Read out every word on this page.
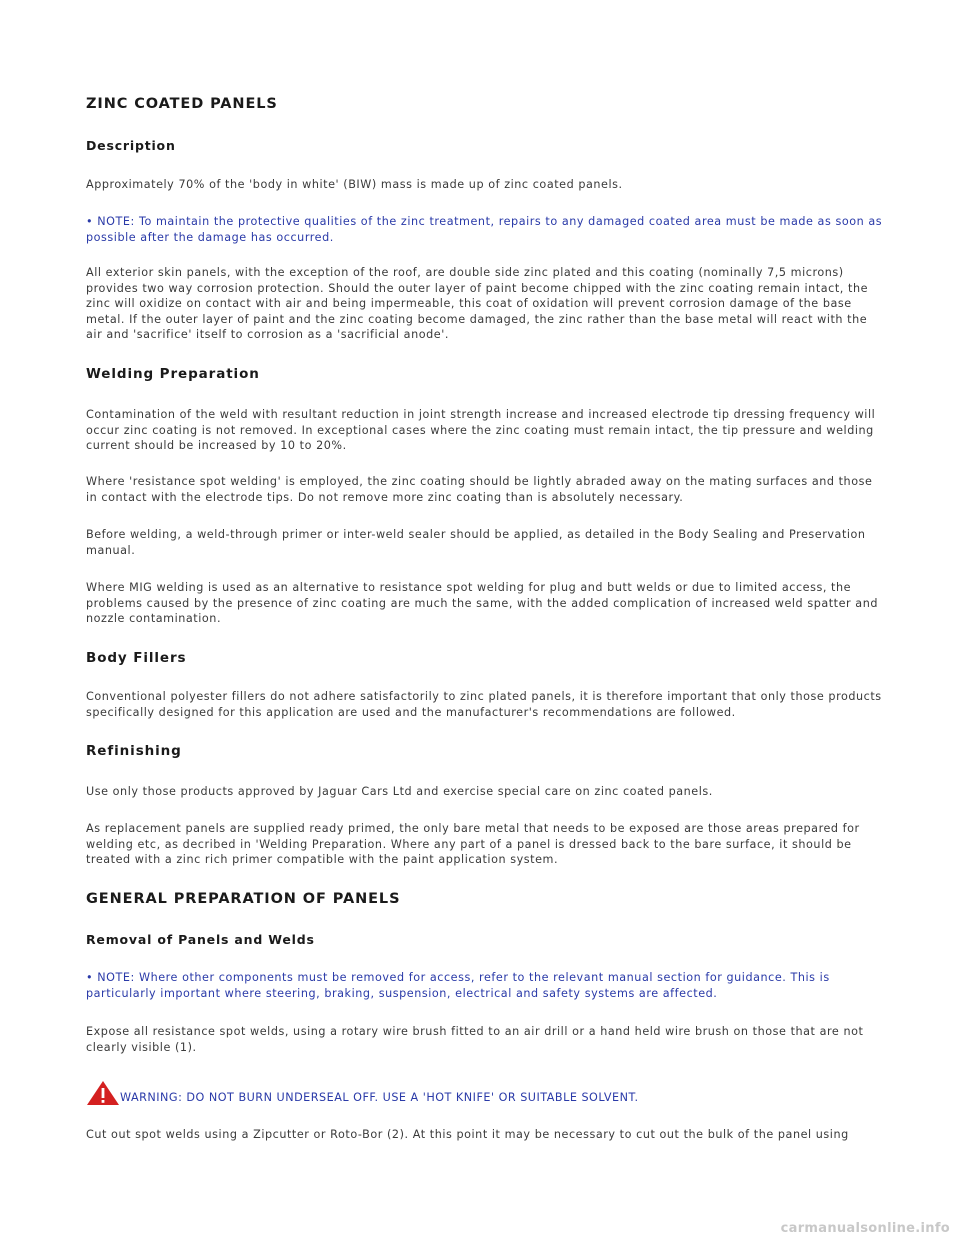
ZINC COATED PANELS
Description

Approximately 70% of the 'body in white' (BIW) mass is made up of zinc coated panels.

• NOTE: To maintain the protective qualities of the zinc treatment, repairs to any damaged coated area must be made as soon as possible after the damage has occurred.

All exterior skin panels, with the exception of the roof, are double side zinc plated and this coating (nominally 7,5 microns) provides two way corrosion protection. Should the outer layer of paint become chipped with the zinc coating remain intact, the zinc will oxidize on contact with air and being impermeable, this coat of oxidation will prevent corrosion damage of the base metal. If the outer layer of paint and the zinc coating become damaged, the zinc rather than the base metal will react with the air and 'sacrifice' itself to corrosion as a 'sacrificial anode'.

Welding Preparation

Contamination of the weld with resultant reduction in joint strength increase and increased electrode tip dressing frequency will occur zinc coating is not removed. In exceptional cases where the zinc coating must remain intact, the tip pressure and welding current should be increased by 10 to 20%.

Where 'resistance spot welding' is employed, the zinc coating should be lightly abraded away on the mating surfaces and those in contact with the electrode tips. Do not remove more zinc coating than is absolutely necessary.

Before welding, a weld-through primer or inter-weld sealer should be applied, as detailed in the Body Sealing and Preservation manual.

Where MIG welding is used as an alternative to resistance spot welding for plug and butt welds or due to limited access, the problems caused by the presence of zinc coating are much the same, with the added complication of increased weld spatter and nozzle contamination.

Body Fillers

Conventional polyester fillers do not adhere satisfactorily to zinc plated panels, it is therefore important that only those products specifically designed for this application are used and the manufacturer's recommendations are followed.

Refinishing

Use only those products approved by Jaguar Cars Ltd and exercise special care on zinc coated panels.

As replacement panels are supplied ready primed, the only bare metal that needs to be exposed are those areas prepared for welding etc, as decribed in 'Welding Preparation. Where any part of a panel is dressed back to the bare surface, it should be treated with a zinc rich primer compatible with the paint application system.

GENERAL PREPARATION OF PANELS
Removal of Panels and Welds

• NOTE: Where other components must be removed for access, refer to the relevant manual section for guidance. This is particularly important where steering, braking, suspension, electrical and safety systems are affected.

Expose all resistance spot welds, using a rotary wire brush fitted to an air drill or a hand held wire brush on those that are not clearly visible (1).

WARNING: DO NOT BURN UNDERSEAL OFF. USE A 'HOT KNIFE' OR SUITABLE SOLVENT.

Cut out spot welds using a Zipcutter or Roto-Bor (2). At this point it may be necessary to cut out the bulk of the panel using

carmanualsonline.info
